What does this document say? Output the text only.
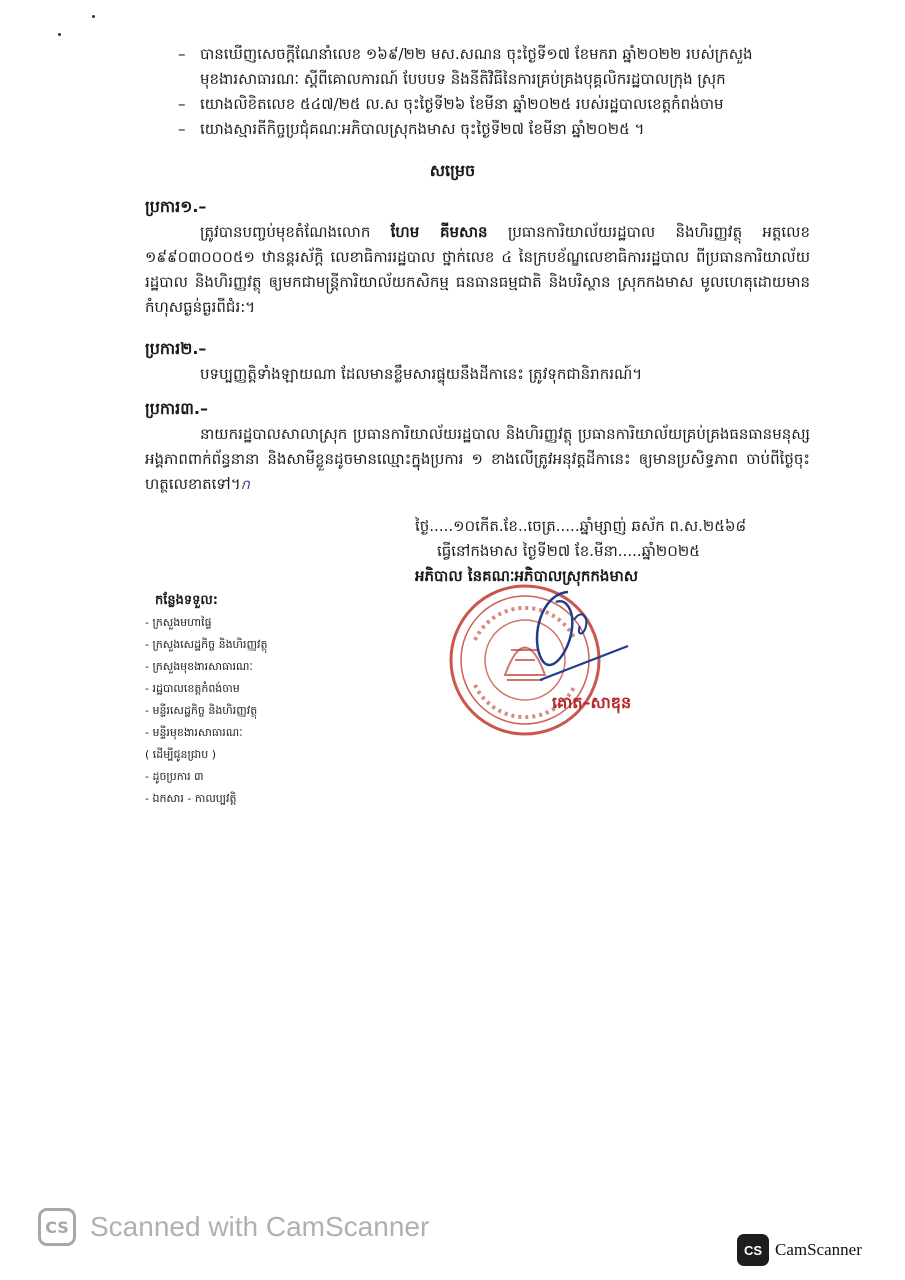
– បានឃើញសេចក្ដីណែនាំលេខ ១៦៩/២២ មស.សណន ចុះថ្ងៃទី១៧ ខែមករា ឆ្នាំ២០២២ របស់ក្រសួងមុខងារសាធារណៈ ស្ដីពីគោលការណ៍ បែបបទ និងនីតិវិធីនៃការគ្រប់គ្រងបុគ្គលិករដ្ឋបាលក្រុង ស្រុក
– យោងលិខិតលេខ ៥៤៧/២៥ ល.ស ចុះថ្ងៃទី២៦ ខែមីនា ឆ្នាំ២០២៥ របស់រដ្ឋបាលខេត្តកំពង់ចាម
– យោងស្មារតីកិច្ចប្រជុំគណៈអភិបាលស្រុកងមាស ចុះថ្ងៃទី២៧ ខែមីនា ឆ្នាំ២០២៥ ។
សម្រេច
ប្រការ១.–
ត្រូវបានបញ្ចប់មុខតំណែងលោក ហែម គីមសាន ប្រធានការិយាល័យរដ្ឋបាល និងហិរញ្ញវត្ថុ អត្តលេខ ១៩៩០៣០០០៥១ ឋានន្តរស័ក្តិ លេខាធិការរដ្ឋបាល ថ្នាក់លេខ ៤ នៃក្របខ័ណ្ឌលេខាធិការរដ្ឋបាល ពីប្រធានការិយាល័យរដ្ឋបាល និងហិរញ្ញវត្ថុ ឲ្យមកជាមន្ត្រីការិយាល័យកសិកម្ម ធនធានធម្មជាតិ និងបរិស្ថាន ស្រុកកងមាស មូលហេតុដោយមានកំហុសធ្ងន់ធ្ងរពីជំរ:។
ប្រការ២.–
បទប្បញ្ញត្តិទាំងឡាយណា ដែលមានខ្លឹមសារផ្ទុយនឹងដីកានេះ ត្រូវទុកជានិរាករណ៍។
ប្រការ៣.–
នាយករដ្ឋបាលសាលាស្រុក ប្រធានការិយាល័យរដ្ឋបាល និងហិរញ្ញវត្ថុ ប្រធានការិយាល័យគ្រប់គ្រងធនធានមនុស្ស អង្គភាពពាក់ព័ន្ធនានា និងសាមីខ្លួនដូចមានឈ្មោះក្នុងប្រការ ១ ខាងលើត្រូវអនុវត្តដីកានេះ ឲ្យមានប្រសិទ្ធភាព ចាប់ពីថ្ងៃចុះហត្ថលេខាតទៅ។ก
ថ្ងៃ.....១០កើត.ខែ..ចេត្រ.....ឆ្នាំម្សាញ់ ឆស័ក ព.ស.២៥៦៨
ធ្វើនៅកងមាស ថ្ងៃទី២៧ ខែ.មីនា.....ឆ្នាំ២០២៥
អភិបាល នៃគណៈអភិបាលស្រុកកងមាស
គោត–សាឌុន
កន្លែងទទួល:
- ក្រសួងមហាផ្ទៃ
- ក្រសួងសេដ្ឋកិច្ច និងហិរញ្ញវត្ថុ
- ក្រសួងមុខងារសាធារណៈ
- រដ្ឋបាលខេត្តកំពង់ចាម
- មន្ទីរសេដ្ឋកិច្ច និងហិរញ្ញវត្ថុ
- មន្ទីរមុខងារសាធារណៈ
( ដើម្បីជូនជ្រាប )
- ដូចប្រការ ៣
- ឯកសារ - កាលប្បវត្តិ
CS Scanned with CamScanner
CS CamScanner
